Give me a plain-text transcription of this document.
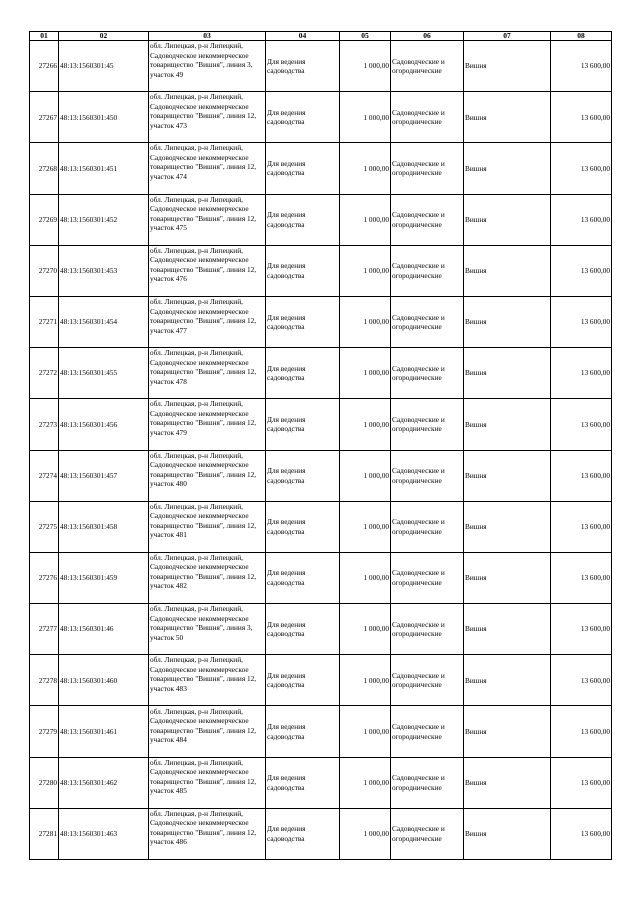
01	02	03	04	05	06	07	08
27266	48:13:1560301:45	обл. Липецкая, р-н Липецкий, Садоводческое некоммерческое товарищество "Вишня", линия 3, участок 49	Для ведения садоводства	1 000,00	Садоводческие и огороднические	Вишня	13 600,00
27267	48:13:1560301:450	обл. Липецкая, р-н Липецкий, Садоводческое некоммерческое товарищество "Вишня", линия 12, участок 473	Для ведения садоводства	1 000,00	Садоводческие и огороднические	Вишня	13 600,00
27268	48:13:1560301:451	обл. Липецкая, р-н Липецкий, Садоводческое некоммерческое товарищество "Вишня", линия 12, участок 474	Для ведения садоводства	1 000,00	Садоводческие и огороднические	Вишня	13 600,00
27269	48:13:1560301:452	обл. Липецкая, р-н Липецкий, Садоводческое некоммерческое товарищество "Вишня", линия 12, участок 475	Для ведения садоводства	1 000,00	Садоводческие и огороднические	Вишня	13 600,00
27270	48:13:1560301:453	обл. Липецкая, р-н Липецкий, Садоводческое некоммерческое товарищество "Вишня", линия 12, участок 476	Для ведения садоводства	1 000,00	Садоводческие и огороднические	Вишня	13 600,00
27271	48:13:1560301:454	обл. Липецкая, р-н Липецкий, Садоводческое некоммерческое товарищество "Вишня", линия 12, участок 477	Для ведения садоводства	1 000,00	Садоводческие и огороднические	Вишня	13 600,00
27272	48:13:1560301:455	обл. Липецкая, р-н Липецкий, Садоводческое некоммерческое товарищество "Вишня", линия 12, участок 478	Для ведения садоводства	1 000,00	Садоводческие и огороднические	Вишня	13 600,00
27273	48:13:1560301:456	обл. Липецкая, р-н Липецкий, Садоводческое некоммерческое товарищество "Вишня", линия 12, участок 479	Для ведения садоводства	1 000,00	Садоводческие и огороднические	Вишня	13 600,00
27274	48:13:1560301:457	обл. Липецкая, р-н Липецкий, Садоводческое некоммерческое товарищество "Вишня", линия 12, участок 480	Для ведения садоводства	1 000,00	Садоводческие и огороднические	Вишня	13 600,00
27275	48:13:1560301:458	обл. Липецкая, р-н Липецкий, Садоводческое некоммерческое товарищество "Вишня", линия 12, участок 481	Для ведения садоводства	1 000,00	Садоводческие и огороднические	Вишня	13 600,00
27276	48:13:1560301:459	обл. Липецкая, р-н Липецкий, Садоводческое некоммерческое товарищество "Вишня", линия 12, участок 482	Для ведения садоводства	1 000,00	Садоводческие и огороднические	Вишня	13 600,00
27277	48:13:1560301:46	обл. Липецкая, р-н Липецкий, Садоводческое некоммерческое товарищество "Вишня", линия 3, участок 50	Для ведения садоводства	1 000,00	Садоводческие и огороднические	Вишня	13 600,00
27278	48:13:1560301:460	обл. Липецкая, р-н Липецкий, Садоводческое некоммерческое товарищество "Вишня", линия 12, участок 483	Для ведения садоводства	1 000,00	Садоводческие и огороднические	Вишня	13 600,00
27279	48:13:1560301:461	обл. Липецкая, р-н Липецкий, Садоводческое некоммерческое товарищество "Вишня", линия 12, участок 484	Для ведения садоводства	1 000,00	Садоводческие и огороднические	Вишня	13 600,00
27280	48:13:1560301:462	обл. Липецкая, р-н Липецкий, Садоводческое некоммерческое товарищество "Вишня", линия 12, участок 485	Для ведения садоводства	1 000,00	Садоводческие и огороднические	Вишня	13 600,00
27281	48:13:1560301:463	обл. Липецкая, р-н Липецкий, Садоводческое некоммерческое товарищество "Вишня", линия 12, участок 486	Для ведения садоводства	1 000,00	Садоводческие и огороднические	Вишня	13 600,00
